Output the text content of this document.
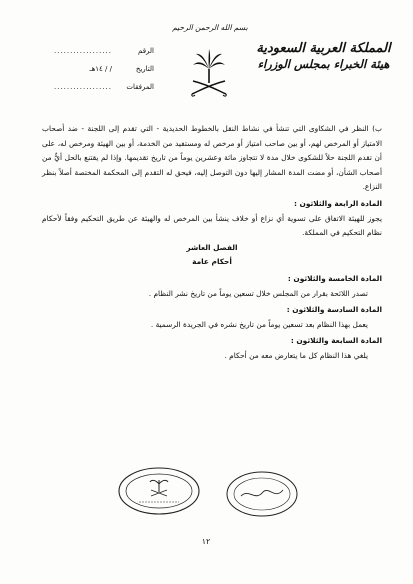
بسم الله الرحمن الرحيم
المملكة العربية السعودية
هيئة الخبراء بمجلس الوزراء
الرقم
..................
التاريخ
/ / ١٤هـ
المرفقات
..................

ب) النظر في الشكاوى التي تنشأ في نشاط النقل بالخطوط الحديدية - التي تقدم إلى اللجنة - ضد أصحاب الامتياز أو المرخص لهم، أو بين صاحب امتياز أو مرخص له ومستفيد من الخدمة، أو بين الهيئة ومرخص له، على أن تقدم اللجنة حلاً للشكوى خلال مدة لا تتجاوز مائة وعشرين يوماً من تاريخ تقديمها. وإذا لم يقتنع بالحل أيٌّ من أصحاب الشأن، أو مضت المدة المشار إليها دون التوصل إليه، فيحق له التقدم إلى المحكمة المختصة أصلاً بنظر النزاع.

المادة الرابعة والثلاثون :

يجوز للهيئة الاتفاق على تسوية أي نزاع أو خلاف ينشأ بين المرخص له والهيئة عن طريق التحكيم وفقاً لأحكام نظام التحكيم في المملكة.

الفصل العاشر

أحكام عامة

المادة الخامسة والثلاثون :

تصدر اللائحة بقرار من المجلس خلال تسعين يوماً من تاريخ نشر النظام .

المادة السادسة والثلاثون :

يعمل بهذا النظام بعد تسعين يوماً من تاريخ نشره في الجريدة الرسمية .

المادة السابعة والثلاثون :

يلغي هذا النظام كل ما يتعارض معه من أحكام .

١٢
